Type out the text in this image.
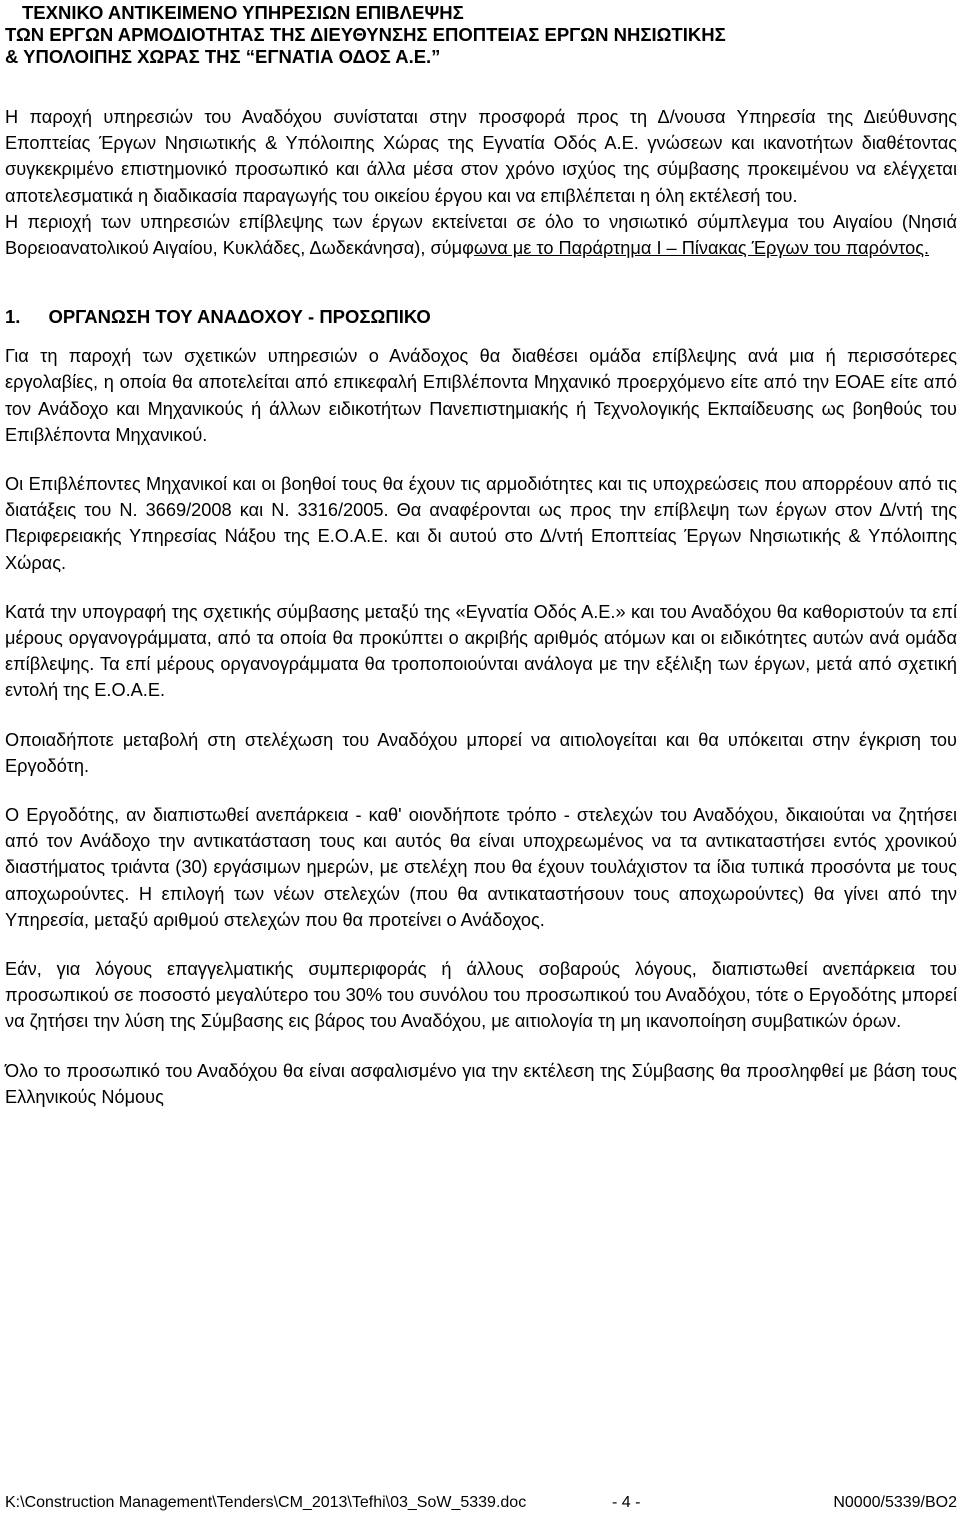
ΤΕΧΝΙΚΟ ΑΝΤΙΚΕΙΜΕΝΟ ΥΠΗΡΕΣΙΩΝ ΕΠΙΒΛΕΨΗΣ
ΤΩΝ ΕΡΓΩΝ ΑΡΜΟΔΙΟΤΗΤΑΣ ΤΗΣ ΔΙΕΥΘΥΝΣΗΣ ΕΠΟΠΤΕΙΑΣ ΕΡΓΩΝ ΝΗΣΙΩΤΙΚΗΣ
& ΥΠΟΛΟΙΠΗΣ ΧΩΡΑΣ ΤΗΣ “ΕΓΝΑΤΙΑ ΟΔΟΣ Α.Ε.”

Η παροχή υπηρεσιών του Αναδόχου συνίσταται στην προσφορά προς τη Δ/νουσα Υπηρεσία της Διεύθυνσης Εποπτείας Έργων Νησιωτικής & Υπόλοιπης Χώρας της Εγνατία Οδός Α.Ε. γνώσεων και ικανοτήτων διαθέτοντας συγκεκριμένο επιστημονικό προσωπικό και άλλα μέσα στον χρόνο ισχύος της σύμβασης προκειμένου να ελέγχεται αποτελεσματικά η διαδικασία παραγωγής του οικείου έργου και να επιβλέπεται η όλη εκτέλεσή του.

Η περιοχή των υπηρεσιών επίβλεψης των έργων εκτείνεται σε όλο το νησιωτικό σύμπλεγμα του Αιγαίου (Νησιά Βορειοανατολικού Αιγαίου, Κυκλάδες, Δωδεκάνησα), σύμφωνα με το Παράρτημα Ι – Πίνακας Έργων του παρόντος.

1. ΟΡΓΑΝΩΣΗ ΤΟΥ ΑΝΑΔΟΧΟΥ - ΠΡΟΣΩΠΙΚΟ

Για τη παροχή των σχετικών υπηρεσιών ο Ανάδοχος θα διαθέσει ομάδα επίβλεψης ανά μια ή περισσότερες εργολαβίες, η οποία θα αποτελείται από επικεφαλή Επιβλέποντα Μηχανικό προερχόμενο είτε από την ΕΟΑΕ είτε από τον Ανάδοχο και Μηχανικούς ή άλλων ειδικοτήτων Πανεπιστημιακής ή Τεχνολογικής Εκπαίδευσης ως βοηθούς του Επιβλέποντα Μηχανικού.

Οι Επιβλέποντες Μηχανικοί και οι βοηθοί τους θα έχουν τις αρμοδιότητες και τις υποχρεώσεις που απορρέουν από τις διατάξεις του Ν. 3669/2008 και Ν. 3316/2005. Θα αναφέρονται ως προς την επίβλεψη των έργων στον Δ/ντή της Περιφερειακής Υπηρεσίας Νάξου της Ε.Ο.Α.Ε. και δι αυτού στο Δ/ντή Εποπτείας Έργων Νησιωτικής & Υπόλοιπης Χώρας.

Κατά την υπογραφή της σχετικής σύμβασης μεταξύ της «Εγνατία Οδός Α.Ε.» και του Αναδόχου θα καθοριστούν τα επί μέρους οργανογράμματα, από τα οποία θα προκύπτει ο ακριβής αριθμός ατόμων και οι ειδικότητες αυτών ανά ομάδα επίβλεψης. Τα επί μέρους οργανογράμματα θα τροποποιούνται ανάλογα με την εξέλιξη των έργων, μετά από σχετική εντολή της Ε.Ο.Α.Ε.

Οποιαδήποτε μεταβολή στη στελέχωση του Αναδόχου μπορεί να αιτιολογείται και θα υπόκειται στην έγκριση του Εργοδότη.

Ο Εργοδότης, αν διαπιστωθεί ανεπάρκεια - καθ' οιονδήποτε τρόπο - στελεχών του Αναδόχου, δικαιούται να ζητήσει από τον Ανάδοχο την αντικατάσταση τους και αυτός θα είναι υποχρεωμένος να τα αντικαταστήσει εντός χρονικού διαστήματος τριάντα (30) εργάσιμων ημερών, με στελέχη που θα έχουν τουλάχιστον τα ίδια τυπικά προσόντα με τους αποχωρούντες. Η επιλογή των νέων στελεχών (που θα αντικαταστήσουν τους αποχωρούντες) θα γίνει από την Υπηρεσία, μεταξύ αριθμού στελεχών που θα προτείνει ο Ανάδοχος.

Εάν, για λόγους επαγγελματικής συμπεριφοράς ή άλλους σοβαρούς λόγους, διαπιστωθεί ανεπάρκεια του προσωπικού σε ποσοστό μεγαλύτερο του 30% του συνόλου του προσωπικού του Αναδόχου, τότε ο Εργοδότης μπορεί να ζητήσει την λύση της Σύμβασης εις βάρος του Αναδόχου, με αιτιολογία τη μη ικανοποίηση συμβατικών όρων.

Όλο το προσωπικό του Αναδόχου θα είναι ασφαλισμένο για την εκτέλεση της Σύμβασης θα προσληφθεί με βάση τους Ελληνικούς Νόμους

K:\Construction Management\Tenders\CM_2013\Tefhi\03_SoW_5339.doc	- 4 -	N0000/5339/BO2
